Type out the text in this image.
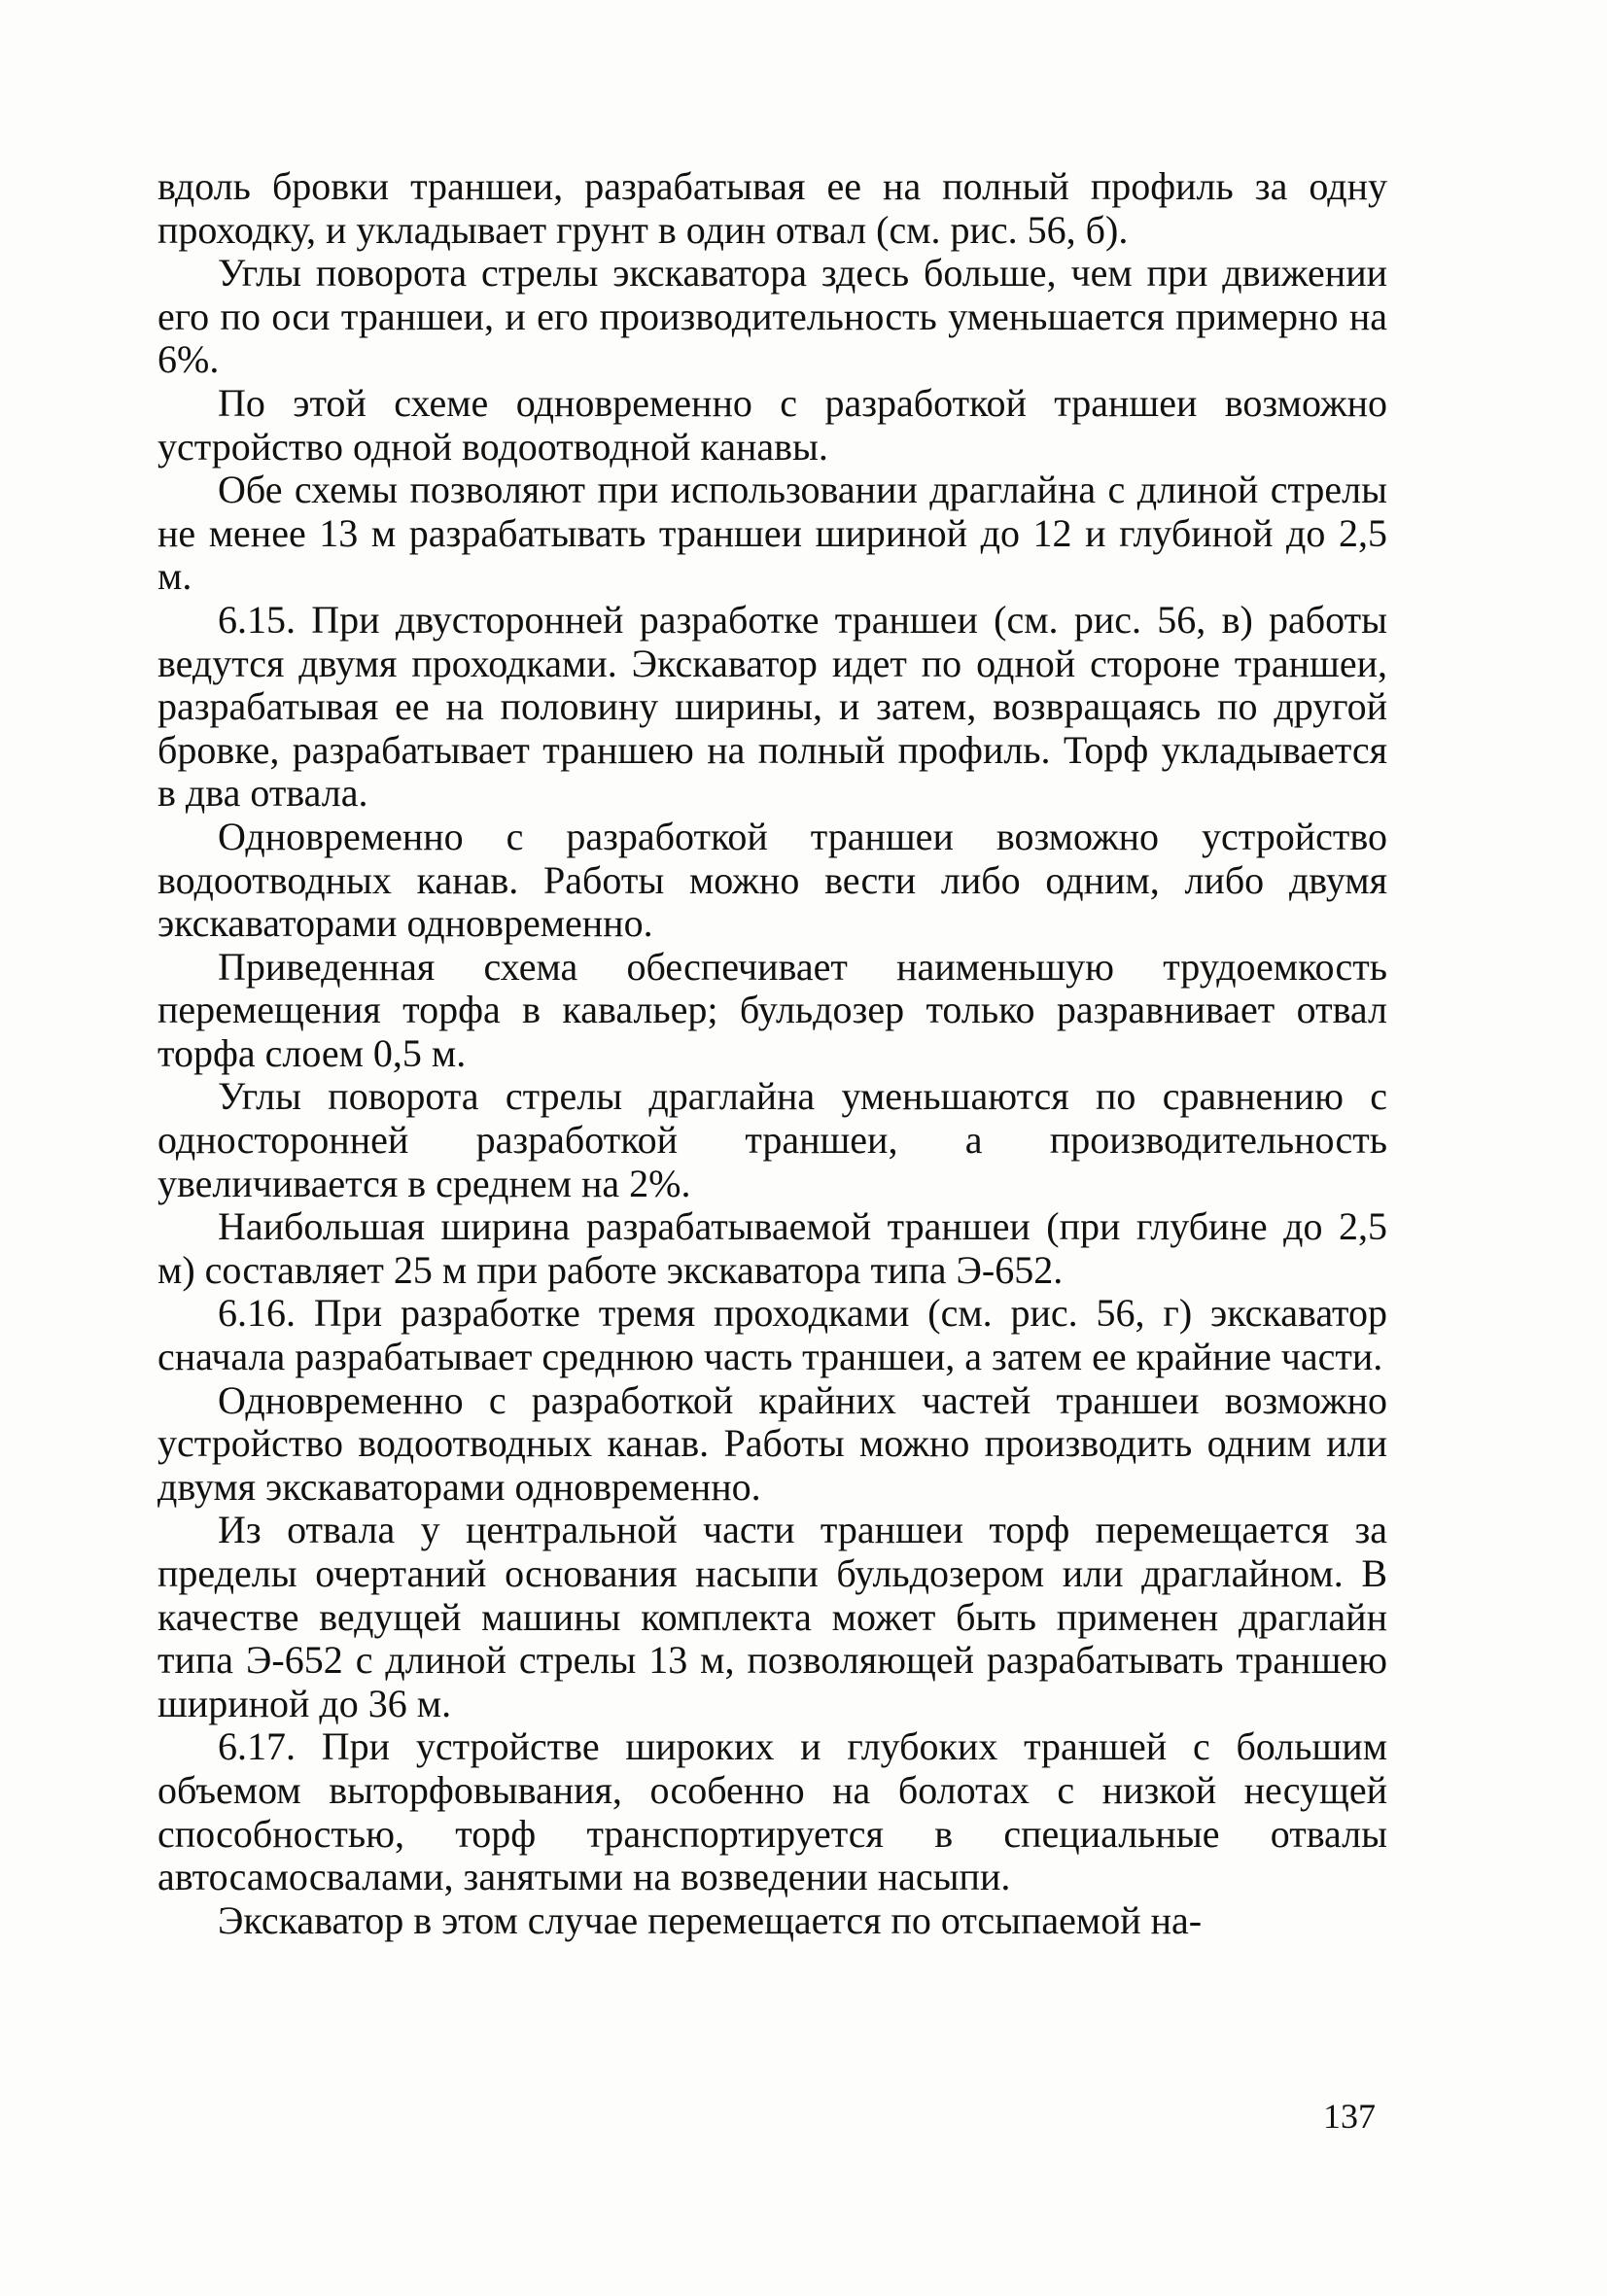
вдоль бровки траншеи, разрабатывая ее на полный профиль за одну проходку, и укладывает грунт в один отвал (см. рис. 56, б).

Углы поворота стрелы экскаватора здесь больше, чем при движении его по оси траншеи, и его производительность уменьшается примерно на 6%.

По этой схеме одновременно с разработкой траншеи возможно устройство одной водоотводной канавы.

Обе схемы позволяют при использовании драглайна с длиной стрелы не менее 13 м разрабатывать траншеи шириной до 12 и глубиной до 2,5 м.

6.15. При двусторонней разработке траншеи (см. рис. 56, в) работы ведутся двумя проходками. Экскаватор идет по одной стороне траншеи, разрабатывая ее на половину ширины, и затем, возвращаясь по другой бровке, разрабатывает траншею на полный профиль. Торф укладывается в два отвала.

Одновременно с разработкой траншеи возможно устройство водоотводных канав. Работы можно вести либо одним, либо двумя экскаваторами одновременно.

Приведенная схема обеспечивает наименьшую трудоемкость перемещения торфа в кавальер; бульдозер только разравнивает отвал торфа слоем 0,5 м.

Углы поворота стрелы драглайна уменьшаются по сравнению с односторонней разработкой траншеи, а производительность увеличивается в среднем на 2%.

Наибольшая ширина разрабатываемой траншеи (при глубине до 2,5 м) составляет 25 м при работе экскаватора типа Э-652.

6.16. При разработке тремя проходками (см. рис. 56, г) экскаватор сначала разрабатывает среднюю часть траншеи, а затем ее крайние части.

Одновременно с разработкой крайних частей траншеи возможно устройство водоотводных канав. Работы можно производить одним или двумя экскаваторами одновременно.

Из отвала у центральной части траншеи торф перемещается за пределы очертаний основания насыпи бульдозером или драглайном. В качестве ведущей машины комплекта может быть применен драглайн типа Э-652 с длиной стрелы 13 м, позволяющей разрабатывать траншею шириной до 36 м.

6.17. При устройстве широких и глубоких траншей с большим объемом выторфовывания, особенно на болотах с низкой несущей способностью, торф транспортируется в специальные отвалы автосамосвалами, занятыми на возведении насыпи.

Экскаватор в этом случае перемещается по отсыпаемой на-

137
